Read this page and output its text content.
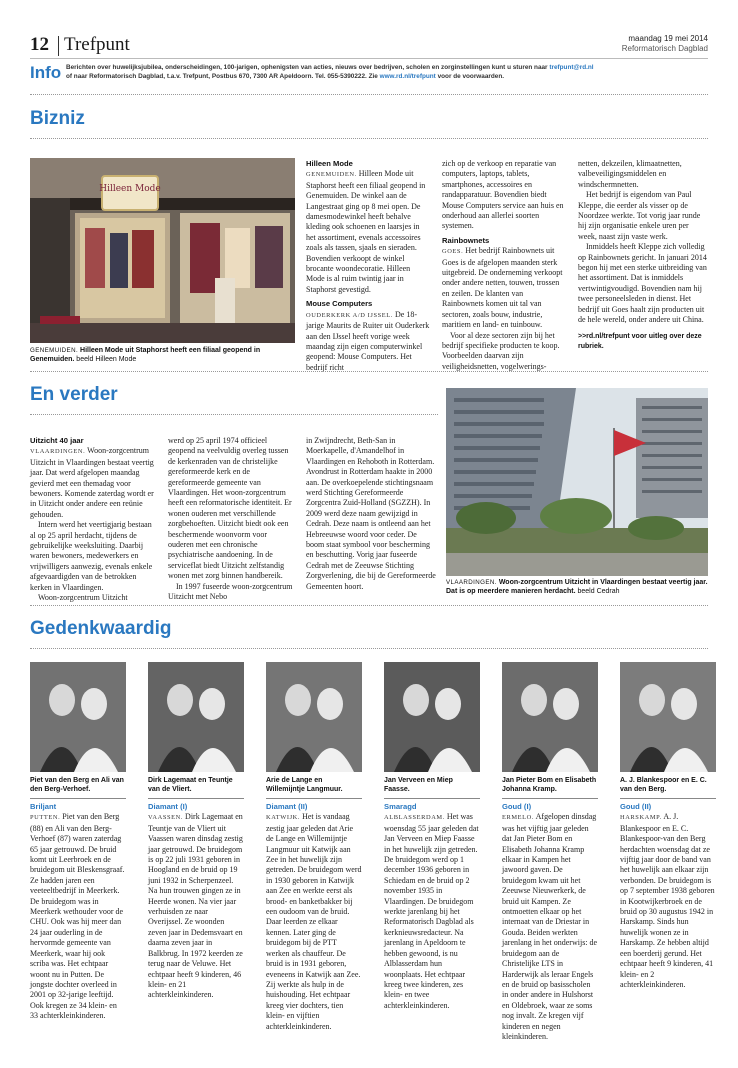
12 Trefpunt	maandag 19 mei 2014
Reformatorisch Dagblad
Info Berichten over huwelijksjubilea, onderscheidingen, 100-jarigen, ophenigsten van acties, nieuws over bedrijven, scholen en zorginstellingen kunt u sturen naar trefpunt@rd.nl
of naar Reformatorisch Dagblad, t.a.v. Trefpunt, Postbus 670, 7300 AR Apeldoorn. Tel. 055-5390222. Zie www.rd.nl/trefpunt voor de voorwaarden.
Bizniz
Hilleen Mode
GENEMUIDEN. Hilleen Mode uit Staphorst heeft een filiaal geopend in Genemuiden. beeld Hilleen Mode
Hilleen Mode

GENEMUIDEN. Hilleen Mode uit Staphorst heeft een filiaal geopend in Genemuiden. De winkel aan de Langestraat ging op 8 mei open. De damesmodewinkel heeft behalve kleding ook schoenen en laarsjes in het assortiment, evenals accessoires zoals als tassen, sjaals en sieraden. Bovendien verkoopt de winkel brocante woondecoratie. Hilleen Mode is al ruim twintig jaar in Staphorst gevestigd.

Mouse Computers

OUDERKERK A/D IJSSEL. De 18-jarige Maurits de Ruiter uit Ouderkerk aan den IJssel heeft vorige week maandag zijn eigen computerwinkel geopend: Mouse Computers. Het bedrijf richt

zich op de verkoop en reparatie van computers, laptops, tablets, smartphones, accessoires en randapparatuur. Bovendien biedt Mouse Computers service aan huis en onderhoud aan allerlei soorten systemen.

Rainbownets

GOES. Het bedrijf Rainbownets uit Goes is de afgelopen maanden sterk uitgebreid. De onderneming verkoopt onder andere netten, touwen, trossen en zeilen. De klanten van Rainbownets komen uit tal van sectoren, zoals bouw, industrie, maritiem en land- en tuinbouw.

Voor al deze sectoren zijn bij het bedrijf specifieke producten te koop. Voorbeelden daarvan zijn veiligheidsnetten, vogelwerings-

netten, dekzeilen, klimaatnetten, valbeveiligingsmiddelen en windschermnetten.

Het bedrijf is eigendom van Paul Kleppe, die eerder als visser op de Noordzee werkte. Tot vorig jaar runde hij zijn organisatie enkele uren per week, naast zijn vaste werk.

Inmiddels heeft Kleppe zich volledig op Rainbownets gericht. In januari 2014 begon hij met een sterke uitbreiding van het assortiment. Dat is inmiddels vertwintigvoudigd. Bovendien nam hij twee personeelsleden in dienst. Het bedrijf uit Goes haalt zijn producten uit de hele wereld, onder andere uit China.

>>rd.nl/trefpunt voor uitleg over deze rubriek.

En verder
Uitzicht 40 jaar

VLAARDINGEN. Woon-zorgcentrum Uitzicht in Vlaardingen bestaat veertig jaar. Dat werd afgelopen maandag gevierd met een themadag voor bewoners. Komende zaterdag wordt er in Uitzicht onder andere een reünie gehouden.

Intern werd het veertigjarig bestaan al op 25 april herdacht, tijdens de gebruikelijke weeksluiting. Daarbij waren bewoners, medewerkers en vrijwilligers aanwezig, evenals enkele afgevaardigden van de betrokken kerken in Vlaardingen.

Woon-zorgcentrum Uitzicht

werd op 25 april 1974 officieel geopend na veelvuldig overleg tussen de kerkenraden van de christelijke gereformeerde kerk en de gereformeerde gemeente van Vlaardingen. Het woon-zorgcentrum heeft een reformatorische identiteit. Er wonen ouderen met verschillende zorgbehoeften. Uitzicht biedt ook een beschermende woonvorm voor ouderen met een chronische psychiatrische aandoening. In de serviceflat biedt Uitzicht zelfstandig wonen met zorg binnen handbereik.

In 1997 fuseerde woon-zorgcentrum Uitzicht met Nebo

in Zwijndrecht, Beth-San in Moerkapelle, d'Amandelhof in Vlaardingen en Rehoboth in Rotterdam. Avondrust in Rotterdam haakte in 2000 aan. De overkoepelende stichtingsnaam werd Stichting Gereformeerde Zorgcentra Zuid-Holland (SGZZH). In 2009 werd deze naam gewijzigd in Cedrah. Deze naam is ontleend aan het Hebreeuwse woord voor ceder. De boom staat symbool voor bescherming en beschutting. Vorig jaar fuseerde Cedrah met de Zeeuwse Stichting Zorgverlening, die bij de Gereformeerde Gemeenten hoort.	VLAARDINGEN. Woon-zorgcentrum Uitzicht in Vlaardingen bestaat veertig jaar. Dat is op meerdere manieren herdacht. beeld Cedrah
Gedenkwaardig
Piet van den Berg en Ali van den Berg-Verhoef.
Briljant

PUTTEN. Piet van den Berg (88) en Ali van den Berg-Verhoef (87) waren zaterdag 65 jaar getrouwd. De bruid komt uit Leerbroek en de bruidegom uit Bleskensgraaf. Ze hadden jaren een veeteeltbedrijf in Meerkerk. De bruidegom was in Meerkerk wethouder voor de CHU. Ook was hij meer dan 24 jaar ouderling in de hervormde gemeente van Meerkerk, waar hij ook scriba was. Het echtpaar woont nu in Putten. De jongste dochter overleed in 2001 op 32-jarige leeftijd. Ook kregen ze 34 klein- en 33 achterkleinkinderen.

Dirk Lagemaat en Teuntje van de Vliert.
Diamant (I)

VAASSEN. Dirk Lagemaat en Teuntje van de Vliert uit Vaassen waren dinsdag zestig jaar getrouwd. De bruidegom is op 22 juli 1931 geboren in Hoogland en de bruid op 19 juni 1932 in Scherpenzeel. Na hun trouwen gingen ze in Heerde wonen. Na vier jaar verhuisden ze naar Overijssel. Ze woonden zeven jaar in Dedemsvaart en daarna zeven jaar in Balkbrug. In 1972 keerden ze terug naar de Veluwe. Het echtpaar heeft 9 kinderen, 46 klein- en 21 achterkleinkinderen.

Arie de Lange en Willemijntje Langmuur.
Diamant (II)

KATWIJK. Het is vandaag zestig jaar geleden dat Arie de Lange en Willemijntje Langmuur uit Katwijk aan Zee in het huwelijk zijn getreden. De bruidegom werd in 1930 geboren in Katwijk aan Zee en werkte eerst als brood- en banketbakker bij een oudoom van de bruid. Daar leerden ze elkaar kennen. Later ging de bruidegom bij de PTT werken als chauffeur. De bruid is in 1931 geboren, eveneens in Katwijk aan Zee. Zij werkte als hulp in de huishouding. Het echtpaar kreeg vier dochters, tien klein- en vijftien achterkleinkinderen.

Jan Verveen en Miep Faasse.
Smaragd

ALBLASSERDAM. Het was woensdag 55 jaar geleden dat Jan Verveen en Miep Faasse in het huwelijk zijn getreden. De bruidegom werd op 1 december 1936 geboren in Schiedam en de bruid op 2 november 1935 in Vlaardingen. De bruidegom werkte jarenlang bij het Reformatorisch Dagblad als kerknieuwsredacteur. Na jarenlang in Apeldoorn te hebben gewoond, is nu Alblasserdam hun woonplaats. Het echtpaar kreeg twee kinderen, zes klein- en twee achterkleinkinderen.

Jan Pieter Bom en Elisabeth Johanna Kramp.
Goud (I)

ERMELO. Afgelopen dinsdag was het vijftig jaar geleden dat Jan Pieter Bom en Elisabeth Johanna Kramp elkaar in Kampen het jawoord gaven. De bruidegom kwam uit het Zeeuwse Nieuwerkerk, de bruid uit Kampen. Ze ontmoetten elkaar op het internaat van de Driestar in Gouda. Beiden werkten jarenlang in het onderwijs: de bruidegom aan de Christelijke LTS in Harderwijk als leraar Engels en de bruid op basisscholen in onder andere in Hulshorst en Oldebroek, waar ze soms nog invalt. Ze kregen vijf kinderen en negen kleinkinderen.

A. J. Blankespoor en E. C. van den Berg.
Goud (II)

HARSKAMP. A. J. Blankespoor en E. C. Blankespoor-van den Berg herdachten woensdag dat ze vijftig jaar door de band van het huwelijk aan elkaar zijn verbonden. De bruidegom is op 7 september 1938 geboren in Kootwijkerbroek en de bruid op 30 augustus 1942 in Harskamp. Sinds hun huwelijk wonen ze in Harskamp. Ze hebben altijd een boerderij gerund. Het echtpaar heeft 9 kinderen, 41 klein- en 2 achterkleinkinderen.
